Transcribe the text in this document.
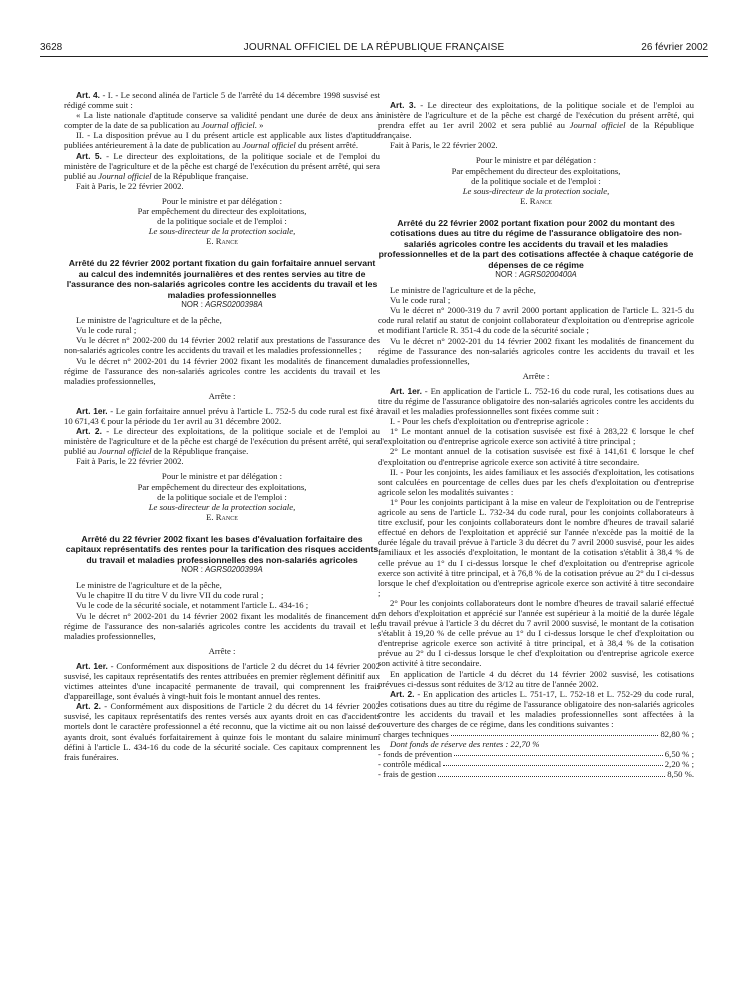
3628	JOURNAL OFFICIEL DE LA RÉPUBLIQUE FRANÇAISE	26 février 2002

Art. 4. - I. - Le second alinéa de l'article 5 de l'arrêté du 14 décembre 1998 susvisé est rédigé comme suit :

« La liste nationale d'aptitude conserve sa validité pendant une durée de deux ans à compter de la date de sa publication au Journal officiel. »

II. - La disposition prévue au I du présent article est applicable aux listes d'aptitude publiées antérieurement à la date de publication au Journal officiel du présent arrêté.

Art. 5. - Le directeur des exploitations, de la politique sociale et de l'emploi du ministère de l'agriculture et de la pêche est chargé de l'exécution du présent arrêté, qui sera publié au Journal officiel de la République française.

Fait à Paris, le 22 février 2002.

Pour le ministre et par délégation :

Par empêchement du directeur des exploitations,

de la politique sociale et de l'emploi :

Le sous-directeur de la protection sociale,

E. Rance

Arrêté du 22 février 2002 portant fixation du gain forfaitaire annuel servant au calcul des indemnités journalières et des rentes servies au titre de l'assurance des non-salariés agricoles contre les accidents du travail et les maladies professionnelles

NOR : AGRS0200398A

Le ministre de l'agriculture et de la pêche,

Vu le code rural ;

Vu le décret n° 2002-200 du 14 février 2002 relatif aux prestations de l'assurance des non-salariés agricoles contre les accidents du travail et les maladies professionnelles ;

Vu le décret n° 2002-201 du 14 février 2002 fixant les modalités de financement du régime de l'assurance des non-salariés agricoles contre les accidents du travail et les maladies professionnelles,

Arrête :

Art. 1er. - Le gain forfaitaire annuel prévu à l'article L. 752-5 du code rural est fixé à 10 671,43 € pour la période du 1er avril au 31 décembre 2002.

Art. 2. - Le directeur des exploitations, de la politique sociale et de l'emploi au ministère de l'agriculture et de la pêche est chargé de l'exécution du présent arrêté, qui sera publié au Journal officiel de la République française.

Fait à Paris, le 22 février 2002.

Pour le ministre et par délégation :

Par empêchement du directeur des exploitations,

de la politique sociale et de l'emploi :

Le sous-directeur de la protection sociale,

E. Rance

Arrêté du 22 février 2002 fixant les bases d'évaluation forfaitaire des capitaux représentatifs des rentes pour la tarification des risques accidents du travail et maladies professionnelles des non-salariés agricoles

NOR : AGRS0200399A

Le ministre de l'agriculture et de la pêche,

Vu le chapitre II du titre V du livre VII du code rural ;

Vu le code de la sécurité sociale, et notamment l'article L. 434-16 ;

Vu le décret n° 2002-201 du 14 février 2002 fixant les modalités de financement du régime de l'assurance des non-salariés agricoles contre les accidents du travail et les maladies professionnelles,

Arrête :

Art. 1er. - Conformément aux dispositions de l'article 2 du décret du 14 février 2002 susvisé, les capitaux représentatifs des rentes attribuées en premier règlement définitif aux victimes atteintes d'une incapacité permanente de travail, qui comprennent les frais d'appareillage, sont évalués à vingt-huit fois le montant annuel des rentes.

Art. 2. - Conformément aux dispositions de l'article 2 du décret du 14 février 2002 susvisé, les capitaux représentatifs des rentes versés aux ayants droit en cas d'accidents mortels dont le caractère professionnel a été reconnu, que la victime ait ou non laissé des ayants droit, sont évalués forfaitairement à quinze fois le montant du salaire minimum défini à l'article L. 434-16 du code de la sécurité sociale. Ces capitaux comprennent les frais funéraires.

Art. 3. - Le directeur des exploitations, de la politique sociale et de l'emploi au ministère de l'agriculture et de la pêche est chargé de l'exécution du présent arrêté, qui prendra effet au 1er avril 2002 et sera publié au Journal officiel de la République française.

Fait à Paris, le 22 février 2002.

Pour le ministre et par délégation :

Par empêchement du directeur des exploitations,

de la politique sociale et de l'emploi :

Le sous-directeur de la protection sociale,

E. Rance

Arrêté du 22 février 2002 portant fixation pour 2002 du montant des cotisations dues au titre du régime de l'assurance obligatoire des non-salariés agricoles contre les accidents du travail et les maladies professionnelles et de la part des cotisations affectée à chaque catégorie de dépenses de ce régime

NOR : AGRS0200400A

Le ministre de l'agriculture et de la pêche,

Vu le code rural ;

Vu le décret n° 2000-319 du 7 avril 2000 portant application de l'article L. 321-5 du code rural relatif au statut de conjoint collaborateur d'exploitation ou d'entreprise agricole et modifiant l'article R. 351-4 du code de la sécurité sociale ;

Vu le décret n° 2002-201 du 14 février 2002 fixant les modalités de financement du régime de l'assurance des non-salariés agricoles contre les accidents du travail et les maladies professionnelles,

Arrête :

Art. 1er. - En application de l'article L. 752-16 du code rural, les cotisations dues au titre du régime de l'assurance obligatoire des non-salariés agricoles contre les accidents du travail et les maladies professionnelles sont fixées comme suit :

I. - Pour les chefs d'exploitation ou d'entreprise agricole :

1° Le montant annuel de la cotisation susvisée est fixé à 283,22 € lorsque le chef d'exploitation ou d'entreprise agricole exerce son activité à titre principal ;

2° Le montant annuel de la cotisation susvisée est fixé à 141,61 € lorsque le chef d'exploitation ou d'entreprise agricole exerce son activité à titre secondaire.

II. - Pour les conjoints, les aides familiaux et les associés d'exploitation, les cotisations sont calculées en pourcentage de celles dues par les chefs d'exploitation ou d'entreprise agricole selon les modalités suivantes :

1° Pour les conjoints participant à la mise en valeur de l'exploitation ou de l'entreprise agricole au sens de l'article L. 732-34 du code rural, pour les conjoints collaborateurs à titre exclusif, pour les conjoints collaborateurs dont le nombre d'heures de travail salarié effectué en dehors de l'exploitation et apprécié sur l'année n'excède pas la moitié de la durée légale du travail prévue à l'article 3 du décret du 7 avril 2000 susvisé, pour les aides familiaux et les associés d'exploitation, le montant de la cotisation s'établit à 38,4 % de celle prévue au 1° du I ci-dessus lorsque le chef d'exploitation ou d'entreprise agricole exerce son activité à titre principal, et à 76,8 % de la cotisation prévue au 2° du I ci-dessus lorsque le chef d'exploitation ou d'entreprise agricole exerce son activité à titre secondaire ;

2° Pour les conjoints collaborateurs dont le nombre d'heures de travail salarié effectué en dehors d'exploitation et apprécié sur l'année est supérieur à la moitié de la durée légale du travail prévue à l'article 3 du décret du 7 avril 2000 susvisé, le montant de la cotisation s'établit à 19,20 % de celle prévue au 1° du I ci-dessus lorsque le chef d'exploitation ou d'entreprise agricole exerce son activité à titre principal, et à 38,4 % de la cotisation prévue au 2° du I ci-dessus lorsque le chef d'exploitation ou d'entreprise agricole exerce son activité à titre secondaire.

En application de l'article 4 du décret du 14 février 2002 susvisé, les cotisations prévues ci-dessus sont réduites de 3/12 au titre de l'année 2002.

Art. 2. - En application des articles L. 751-17, L. 752-18 et L. 752-29 du code rural, les cotisations dues au titre du régime de l'assurance obligatoire des non-salariés agricoles contre les accidents du travail et les maladies professionnelles sont affectées à la couverture des charges de ce régime, dans les conditions suivantes :

- charges techniques	82,80 % ;
Dont fonds de réserve des rentes : 22,70 %
- fonds de prévention	6,50 % ;
- contrôle médical	2,20 % ;
- frais de gestion	8,50 %.
